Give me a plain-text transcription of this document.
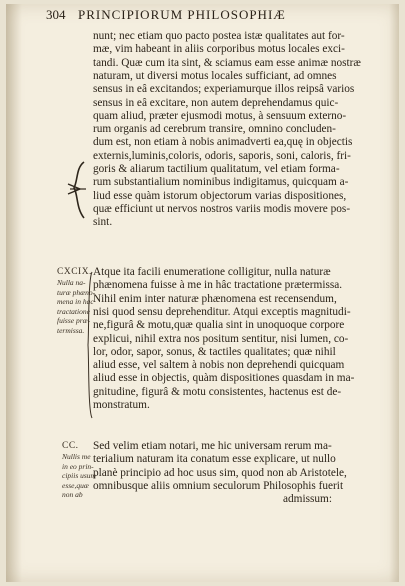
304 PRINCIPIORUM PHILOSOPHIÆ
nunt; nec etiam quo pacto postea istæ qualitates aut for-
mæ, vim habeant in aliis corporibus motus locales exci-
tandi. Quæ cum ita sint, & sciamus eam esse animæ nostræ
naturam, ut diversi motus locales sufficiant, ad omnes
sensus in eâ excitandos; experiamurque illos reipsâ varios
sensus in eâ excitare, non autem deprehendamus quic-
quam aliud, præter ejusmodi motus, à sensuum externo-
rum organis ad cerebrum transire, omnino concluden-
dum est, non etiam à nobis animadverti ea,quę in objectis
externis,luminis,coloris, odoris, saporis, soni, caloris, fri-
goris & aliarum tactilium qualitatum, vel etiam forma-
rum substantialium nominibus indigitamus, quicquam a-
liud esse quàm istorum objectorum varias dispositiones,
quæ efficiunt ut nervos nostros variis modis movere pos-
sint.
Atque ita facili enumeratione colligitur, nulla naturæ
phænomena fuisse à me in hâc tractatione prætermissa.
Nihil enim inter naturæ phænomena est recensendum,
nisi quod sensu deprehenditur. Atqui exceptis magnitudi-
ne,figurâ & motu,quæ qualia sint in unoquoque corpore
explicui, nihil extra nos positum sentitur, nisi lumen, co-
lor, odor, sapor, sonus, & tactiles qualitates; quæ nihil
aliud esse, vel saltem à nobis non deprehendi quicquam
aliud esse in objectis, quàm dispositiones quasdam in ma-
gnitudine, figurâ & motu consistentes, hactenus est de-
monstratum.
Sed velim etiam notari, me hic universam rerum ma-
terialium naturam ita conatum esse explicare, ut nullo
planè principio ad hoc usus sim, quod non ab Aristotele,
omnibusque aliis omnium seculorum Philosophis fuerit
admissum:
CXCIX.
Nulla na-
turæ phæno-
mena in hac
tractatione
fuisse præ-
termissa.
CC.
Nullis me
in eo prin-
cipiis usum
esse,quæ
non ab
